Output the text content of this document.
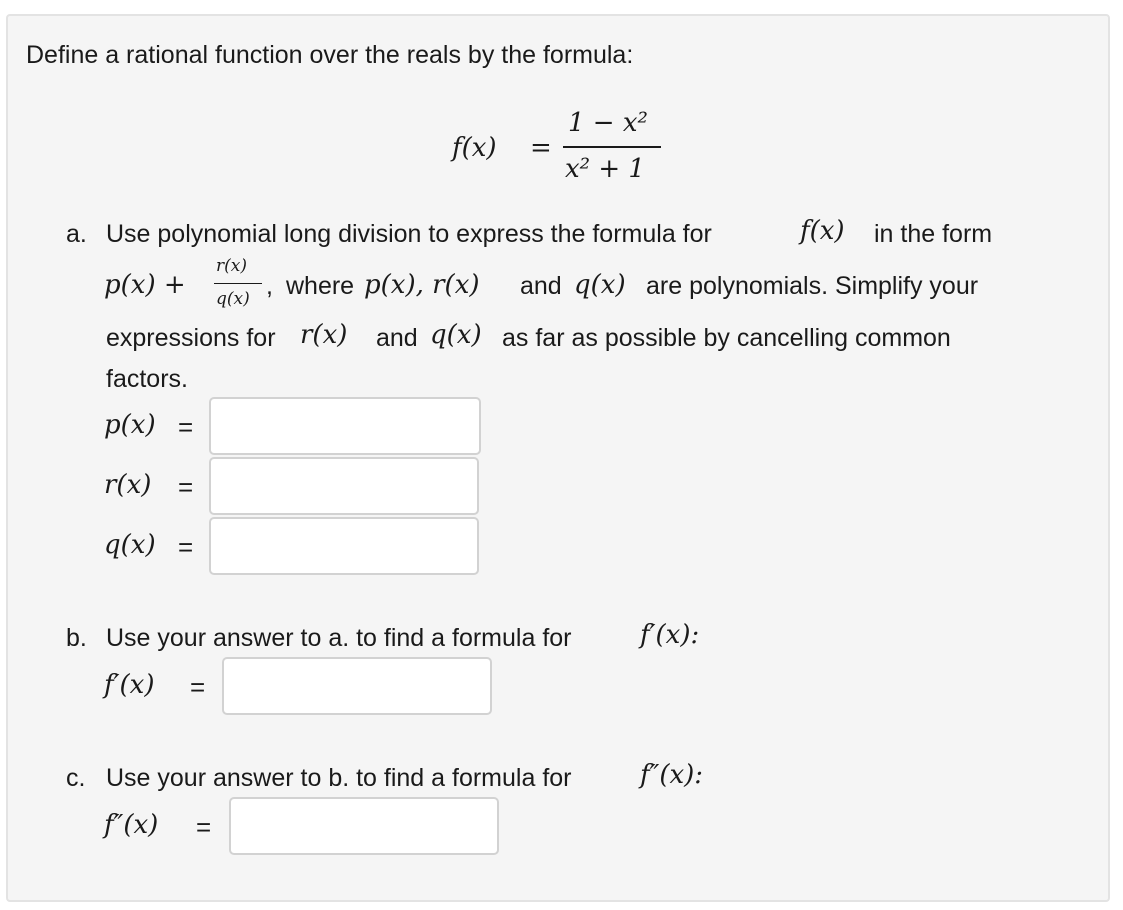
Define a rational function over the reals by the formula:
f(x) =
1 − x²
x² + 1
a. Use polynomial long division to express the formula for	f(x) in the form
p(x) +
r(x)
q(x) , where p(x), r(x) and q(x) are polynomials. Simplify your
expressions for r(x) and q(x) as far as possible by cancelling common
factors.
p(x) =
r(x) =
q(x) =
b. Use your answer to a. to find a formula for	f′(x):
f′(x) =
c. Use your answer to b. to find a formula for	f″(x):
f″(x) =
